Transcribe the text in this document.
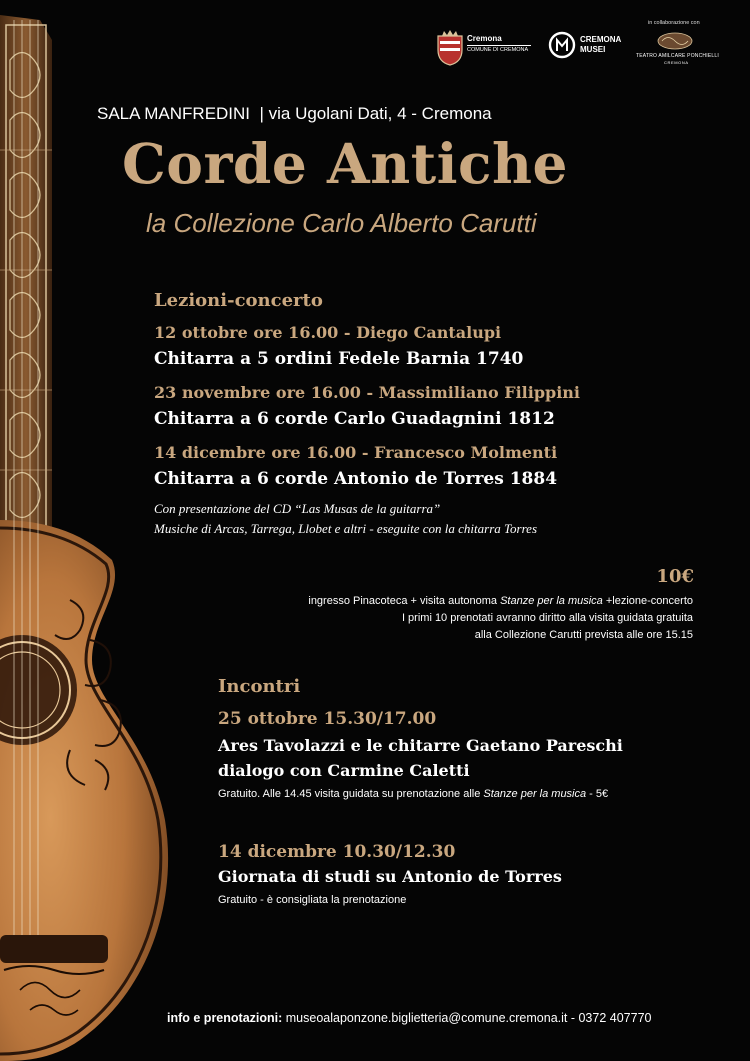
Cremona
COMUNE DI CREMONA
CREMONA
MUSEI
in collaborazione con
TEATRO AMILCARE PONCHIELLI
CREMONA
SALA MANFREDINI  | via Ugolani Dati, 4 - Cremona
Corde Antiche
la Collezione Carlo Alberto Carutti
Lezioni-concerto
12 ottobre ore 16.00 - Diego Cantalupi
Chitarra a 5 ordini Fedele Barnia 1740
23 novembre ore 16.00 - Massimiliano Filippini
Chitarra a 6 corde Carlo Guadagnini 1812
14 dicembre ore 16.00 - Francesco Molmenti
Chitarra a 6 corde Antonio de Torres 1884
Con presentazione del CD “Las Musas de la guitarra”
Musiche di Arcas, Tarrega, Llobet e altri - eseguite con la chitarra Torres
10€
ingresso Pinacoteca + visita autonoma Stanze per la musica +lezione-concerto
I primi 10 prenotati avranno diritto alla visita guidata gratuita
alla Collezione Carutti prevista alle ore 15.15
Incontri
25 ottobre 15.30/17.00
Ares Tavolazzi e le chitarre Gaetano Pareschi
dialogo con Carmine Caletti
Gratuito. Alle 14.45 visita guidata su prenotazione alle Stanze per la musica - 5€
14 dicembre 10.30/12.30
Giornata di studi su Antonio de Torres
Gratuito - è consigliata la prenotazione
info e prenotazioni: museoalaponzone.biglietteria@comune.cremona.it - 0372 407770
